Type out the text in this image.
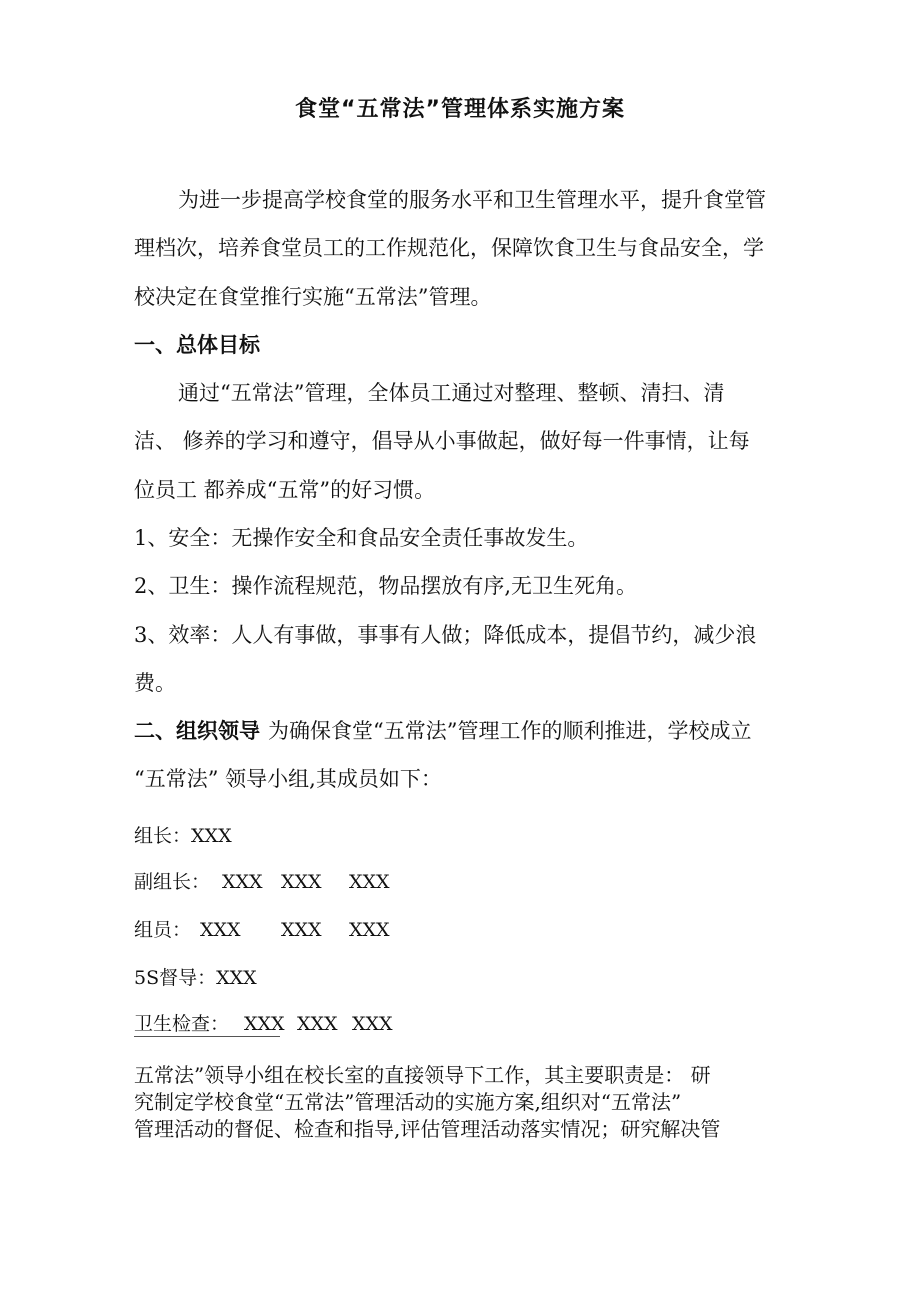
食堂“五常法”管理体系实施方案
为进一步提高学校食堂的服务水平和卫生管理水平，提升食堂管
理档次，培养食堂员工的工作规范化，保障饮食卫生与食品安全，学
校决定在食堂推行实施“五常法”管理。
一、总体目标
通过“五常法”管理，全体员工通过对整理、整顿、清扫、清
洁、 修养的学习和遵守，倡导从小事做起，做好每一件事情，让每
位员工 都养成“五常”的好习惯。
1、安全：无操作安全和食品安全责任事故发生。
2、卫生：操作流程规范，物品摆放有序,无卫生死角。
3、效率：人人有事做，事事有人做；降低成本，提倡节约，减少浪
费。
二、组织领导 为确保食堂“五常法”管理工作的顺利推进，学校成立
“五常法” 领导小组,其成员如下：
组长：XXX
副组长： XXX XXX XXX
组员： XXX XXX XXX
5S督导：XXX
卫生检查： XXX XXX XXX
五常法”领导小组在校长室的直接领导下工作，其主要职责是： 研
究制定学校食堂“五常法”管理活动的实施方案,组织对“五常法”
管理活动的督促、检查和指导,评估管理活动落实情况；研究解决管
